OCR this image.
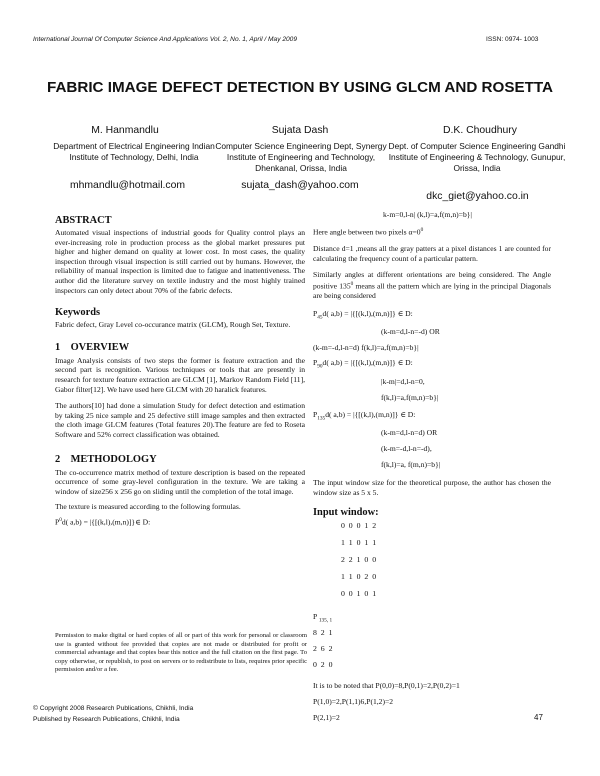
International Journal Of Computer Science And Applications Vol. 2, No. 1, April / May 2009	ISSN: 0974- 1003
FABRIC IMAGE DEFECT DETECTION BY USING GLCM AND ROSETTA
M. Hanmandlu	Sujata Dash	D.K. Choudhury
Department of Electrical Engineering Indian Institute of Technology, Delhi, India
Computer Science Engineering Dept, Synergy Institute of Engineering and Technology, Dhenkanal, Orissa, India
Dept. of Computer Science Engineering Gandhi Institute of Engineering & Technology, Gunupur, Orissa, India
mhmandlu@hotmail.com	sujata_dash@yahoo.com
dkc_giet@yahoo.co.in
ABSTRACT
Automated visual inspections of industrial goods for Quality control plays an ever-increasing role in production process as the global market pressures put higher and higher demand on quality at lower cost. In most cases, the quality inspection through visual inspection is still carried out by humans. However, the reliability of manual inspection is limited due to fatigue and inattentiveness. The author did the literature survey on textile industry and the most highly trained inspectors can only detect about 70% of the fabric defects.
Keywords
Fabric defect, Gray Level co-occurance matrix (GLCM), Rough Set, Texture.
1    OVERVIEW
Image Analysis consists of two steps the former is feature extraction and the second part is recognition. Various techniques or tools that are presently in research for texture feature extraction are GLCM [1], Markov Random Field [11], Gabor filter[12]. We have used here GLCM with 20 haralick features.
The authors[10] had done a simulation Study for defect detection and estimation by taking 25 nice sample and 25 defective still image samples and then extracted the cloth image GLCM features (Total features 20).The feature are fed to Roseta Software and 52% correct classification was obtained.
2    METHODOLOGY
The co-occurrence matrix method of texture description is based on the repeated occurrence of some gray-level configuration in the texture. We are taking a window of size256 x 256 go on sliding until the completion of the total image.
The texture is measured according to the following formulas.
$P^0d$( a,b) = |{[(k,l),(m,n)]}∈ D:
Permission to make digital or hard copies of all or part of this work for personal or classroom use is granted without fee provided that copies are not made or distributed for profit or commercial advantage and that copies bear this notice and the full citation on the first page. To copy otherwise, or republish, to post on servers or to redistribute to lists, requires prior specific permission and/or a fee.
k-m=0,l-n| (k,l)=a,f(m,n)=b}|
Here angle between two pixels $\alpha=0^0$
Distance d=1 ,means all the gray patters at a pixel distances 1 are counted for calculating the frequency count of a particular pattern.
Similarly angles at different orientations are being considered. The Angle positive $135^0$ means all the pattern which are lying in the principal Diagonals are being considered
$P_{45}d$( a,b) = |{[(k,l),(m,n)]} ∈ D:
(k-m=d,l-n=-d) OR
(k-m=-d,l-n=d) f(k,l)=a,f(m,n)=b}|
$P_{90}d$( a,b) = |{[(k,l),(m,n)]} ∈ D:
|k-m|=d,l-n=0,
f(k,l)=a,f(m,n)=b}|
$P_{135}d$( a,b) = |{[(k,l),(m,n)]} ∈ D:
(k-m=d,l-n=d) OR
(k-m=-d,l-n=-d),
f(k,l)=a, f(m,n)=b}|
The input window size for the theoretical purpose, the author has chosen the window size as 5 x 5.
Input window:
0  0  0  1  2
1  1  0  1  1
2  2  1  0  0
1  1  0  2  0
0  0  1  0  1
P $_{135, 1}$
8  2  1
2  6  2
0  2  0
It is to be noted that P(0,0)=8,P(0,1)=2,P(0,2)=1
P(1,0)=2,P(1,1)6,P(1,2)=2
P(2,1)=2
© Copyright 2008 Research Publications, Chikhli, India
Published by Research Publications, Chikhli, India	47
